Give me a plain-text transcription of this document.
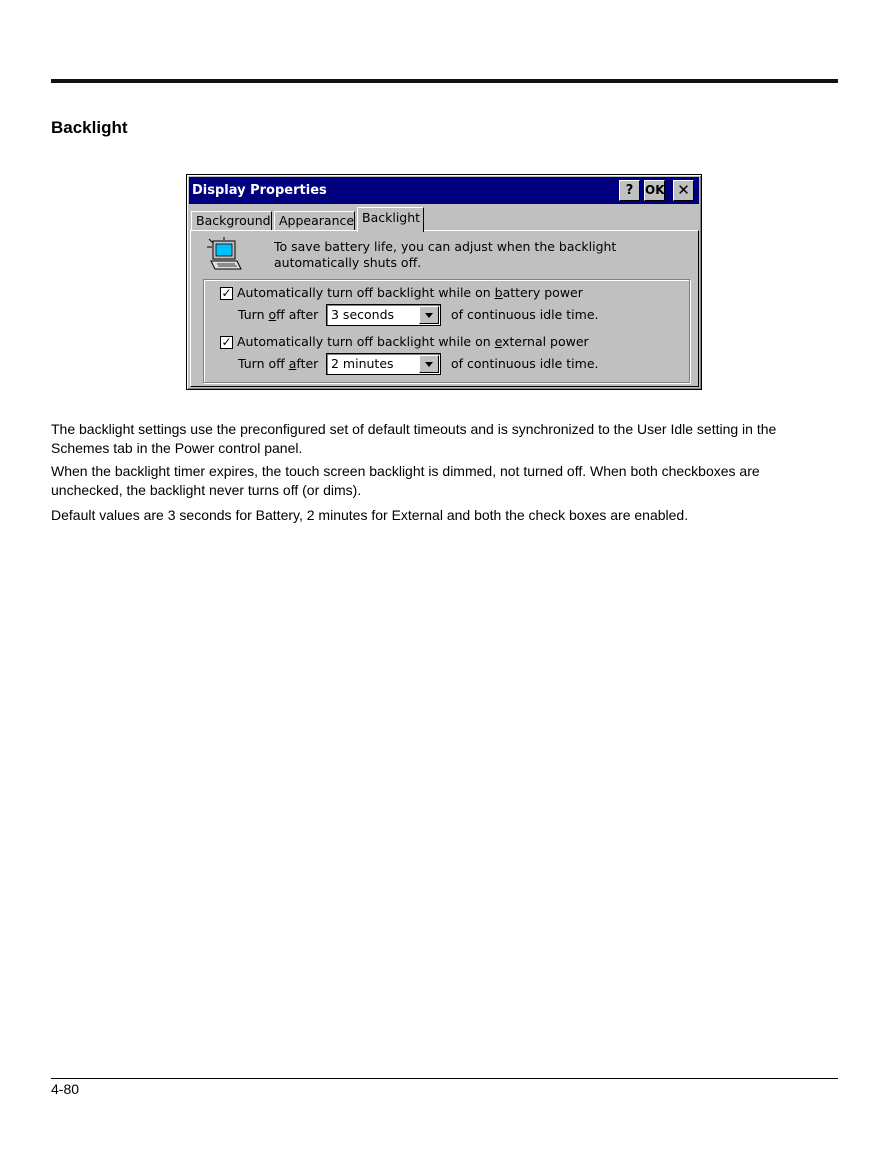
Backlight
Display Properties	? OK ✕
Background Appearance Backlight

To save battery life, you can adjust when the backlight automatically shuts off.

✓ Automatically turn off backlight while on battery power
Turn off after 3 seconds	of continuous idle time.
✓ Automatically turn off backlight while on external power
Turn off after 2 minutes	of continuous idle time.

The backlight settings use the preconfigured set of default timeouts and is synchronized to the User Idle setting in the Schemes tab in the Power control panel.

When the backlight timer expires, the touch screen backlight is dimmed, not turned off. When both checkboxes are unchecked, the backlight never turns off (or dims).

Default values are 3 seconds for Battery, 2 minutes for External and both the check boxes are enabled.

4-80
